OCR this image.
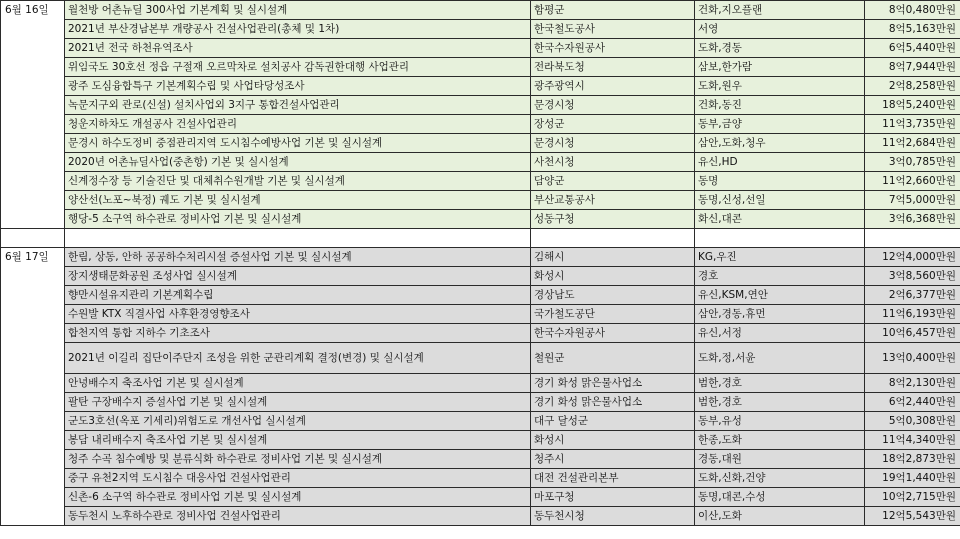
6월 16일	월천방 어촌뉴딜 300사업 기본계획 및 실시설계	함평군	건화,지오플랜	8억0,480만원
	2021년 부산경남본부 개량공사 건설사업관리(총체 및 1차)	한국철도공사	서영	8억5,163만원
	2021년 전국 하천유역조사	한국수자원공사	도화,경동	6억5,440만원
	위임국도 30호선 정읍 구절재 오르막차로 설치공사 감독권한대행 사업관리	전라북도청	삼보,한가람	8억7,944만원
	광주 도심융합특구 기본계획수립 및 사업타당성조사	광주광역시	도화,원우	2억8,258만원
	녹문지구외 관로(신설) 설치사업외 3지구 통합건설사업관리	문경시청	건화,동진	18억5,240만원
	청운지하차도 개설공사 건설사업관리	장성군	동부,금양	11억3,735만원
	문경시 하수도정비 중점관리지역 도시침수예방사업 기본 및 실시설계	문경시청	삼안,도화,청우	11억2,684만원
	2020년 어촌뉴딜사업(중촌항) 기본 및 실시설계	사천시청	유신,HD	3억0,785만원
	신계정수장 등 기술진단 및 대체취수원개발 기본 및 실시설계	담양군	동명	11억2,660만원
	양산선(노포~북정) 궤도 기본 및 실시설계	부산교통공사	동명,신성,선일	7억5,000만원
	행당-5 소구역 하수관로 정비사업 기본 및 실시설계	성동구청	화신,대콘	3억6,368만원

6월 17일	한림, 상동, 안하 공공하수처리시설 증설사업 기본 및 실시설계	김해시	KG,우진	12억4,000만원
	장지생태문화공원 조성사업 실시설계	화성시	경호	3억8,560만원
	향만시설유지관리 기본계획수립	경상남도	유신,KSM,연안	2억6,377만원
	수원발 KTX 직결사업 사후환경영향조사	국가철도공단	삼안,경동,휴먼	11억6,193만원
	합천지역 통합 지하수 기초조사	한국수자원공사	유신,서정	10억6,457만원
	2021년 이길리 집단이주단지 조성을 위한 군관리계획 결정(변경) 및 실시설계	철원군	도화,정,서윤	13억0,400만원
	안녕배수지 축조사업 기본 및 실시설계	경기 화성 맑은물사업소	범한,경호	8억2,130만원
	팔탄 구장배수지 증설사업 기본 및 실시설계	경기 화성 맑은물사업소	범한,경호	6억2,440만원
	군도3호선(옥포 기세리)위험도로 개선사업 실시설계	대구 달성군	동부,유성	5억0,308만원
	봉담 내리배수지 축조사업 기본 및 실시설계	화성시	한종,도화	11억4,340만원
	청주 수곡 침수예방 및 분류식화 하수관로 정비사업 기본 및 실시설계	청주시	경동,대원	18억2,873만원
	중구 유천2지역 도시침수 대응사업 건설사업관리	대전 건설관리본부	도화,신화,건양	19억1,440만원
	신촌-6 소구역 하수관로 정비사업 기본 및 실시설계	마포구청	동명,대콘,수성	10억2,715만원
	동두천시 노후하수관로 정비사업 건설사업관리	동두천시청	이산,도화	12억5,543만원
